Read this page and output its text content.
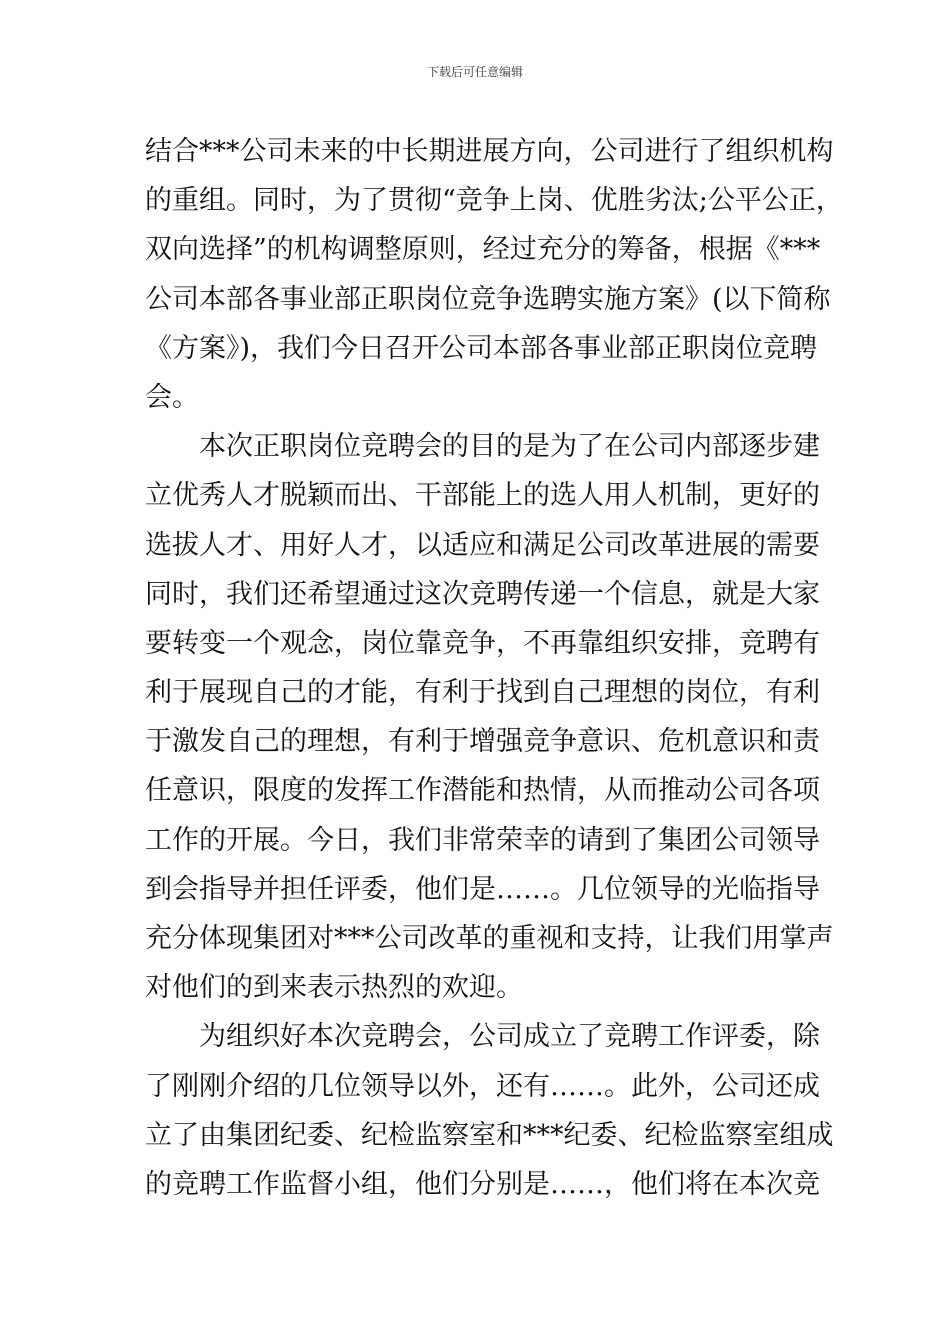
下载后可任意编辑
结合***公司未来的中长期进展方向，公司进行了组织机构
的重组。同时，为了贯彻“竞争上岗、优胜劣汰;公平公正，
双向选择”的机构调整原则，经过充分的筹备，根据《***
公司本部各事业部正职岗位竞争选聘实施方案》(以下简称
《方案》)，我们今日召开公司本部各事业部正职岗位竞聘
会。
本次正职岗位竞聘会的目的是为了在公司内部逐步建
立优秀人才脱颖而出、干部能上的选人用人机制，更好的
选拔人才、用好人才，以适应和满足公司改革进展的需要
同时，我们还希望通过这次竞聘传递一个信息，就是大家
要转变一个观念，岗位靠竞争，不再靠组织安排，竞聘有
利于展现自己的才能，有利于找到自己理想的岗位，有利
于激发自己的理想，有利于增强竞争意识、危机意识和责
任意识，限度的发挥工作潜能和热情，从而推动公司各项
工作的开展。今日，我们非常荣幸的请到了集团公司领导
到会指导并担任评委，他们是……。几位领导的光临指导
充分体现集团对***公司改革的重视和支持，让我们用掌声
对他们的到来表示热烈的欢迎。
为组织好本次竞聘会，公司成立了竞聘工作评委，除
了刚刚介绍的几位领导以外，还有……。此外，公司还成
立了由集团纪委、纪检监察室和***纪委、纪检监察室组成
的竞聘工作监督小组，他们分别是……，他们将在本次竞
